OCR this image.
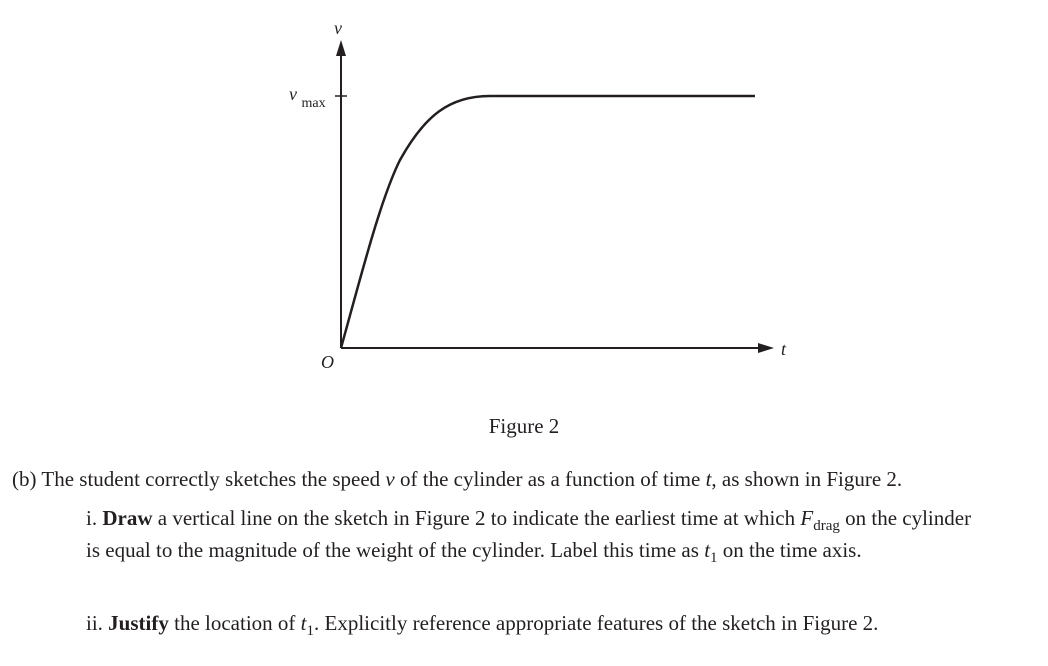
v
t
O
v $_{max}$
Figure 2
(b) The student correctly sketches the speed v of the cylinder as a function of time t, as shown in Figure 2.
i. Draw a vertical line on the sketch in Figure 2 to indicate the earliest time at which $F_{drag}$ on the cylinder
is equal to the magnitude of the weight of the cylinder. Label this time as $t_1$ on the time axis.
ii. Justify the location of $t_1$. Explicitly reference appropriate features of the sketch in Figure 2.
